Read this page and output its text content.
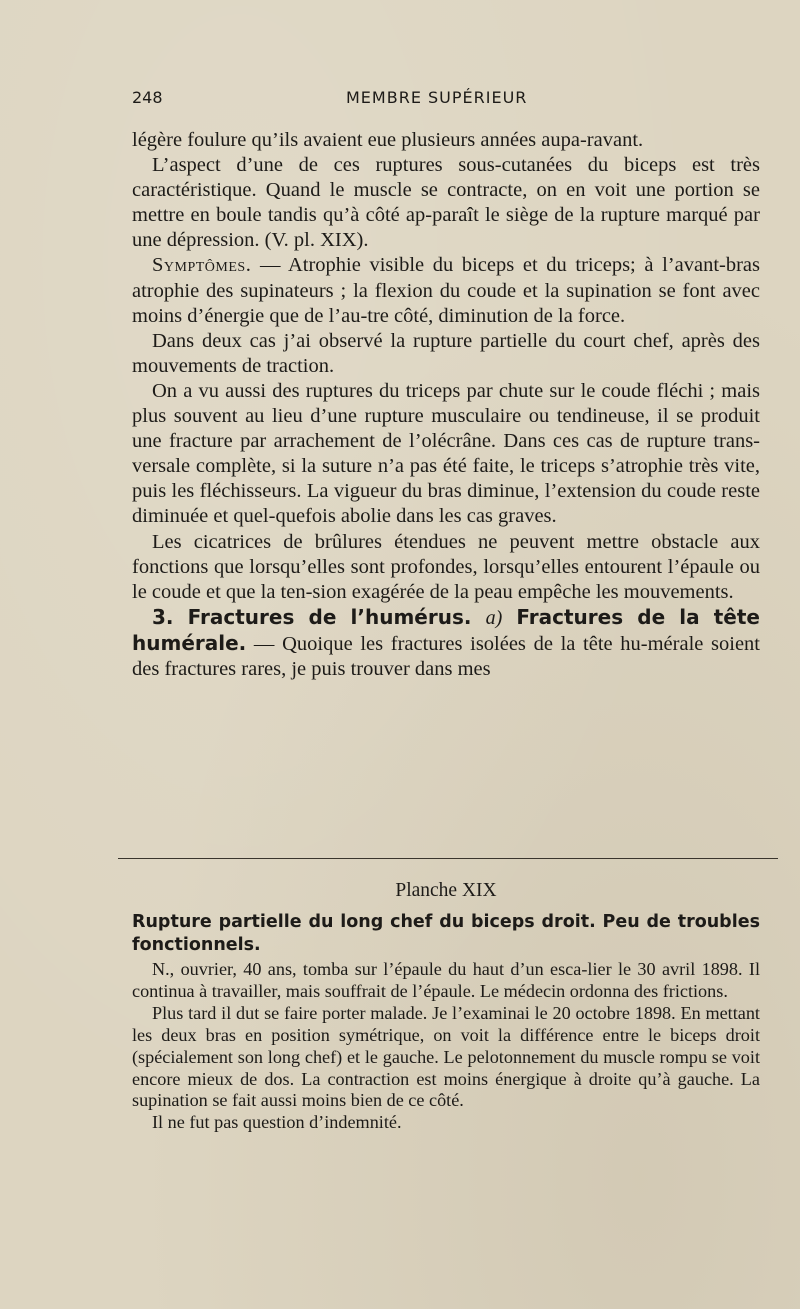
248	MEMBRE SUPÉRIEUR

légère foulure qu’ils avaient eue plusieurs années aupa-ravant.

L’aspect d’une de ces ruptures sous-cutanées du biceps est très caractéristique. Quand le muscle se contracte, on en voit une portion se mettre en boule tandis qu’à côté ap-paraît le siège de la rupture marqué par une dépression. (V. pl. XIX).

Symptômes. — Atrophie visible du biceps et du triceps; à l’avant-bras atrophie des supinateurs ; la flexion du coude et la supination se font avec moins d’énergie que de l’au-tre côté, diminution de la force.

Dans deux cas j’ai observé la rupture partielle du court chef, après des mouvements de traction.

On a vu aussi des ruptures du triceps par chute sur le coude fléchi ; mais plus souvent au lieu d’une rupture musculaire ou tendineuse, il se produit une fracture par arrachement de l’olécrâne. Dans ces cas de rupture trans-versale complète, si la suture n’a pas été faite, le triceps s’atrophie très vite, puis les fléchisseurs. La vigueur du bras diminue, l’extension du coude reste diminuée et quel-quefois abolie dans les cas graves.

Les cicatrices de brûlures étendues ne peuvent mettre obstacle aux fonctions que lorsqu’elles sont profondes, lorsqu’elles entourent l’épaule ou le coude et que la ten-sion exagérée de la peau empêche les mouvements.

3. Fractures de l’humérus. a) Fractures de la tête humérale. — Quoique les fractures isolées de la tête hu-mérale soient des fractures rares, je puis trouver dans mes

Planche XIX
Rupture partielle du long chef du biceps droit. Peu de troubles fonctionnels.

N., ouvrier, 40 ans, tomba sur l’épaule du haut d’un esca-lier le 30 avril 1898. Il continua à travailler, mais souffrait de l’épaule. Le médecin ordonna des frictions.

Plus tard il dut se faire porter malade. Je l’examinai le 20 octobre 1898. En mettant les deux bras en position symétrique, on voit la différence entre le biceps droit (spécialement son long chef) et le gauche. Le pelotonnement du muscle rompu se voit encore mieux de dos. La contraction est moins énergique à droite qu’à gauche. La supination se fait aussi moins bien de ce côté.

Il ne fut pas question d’indemnité.
